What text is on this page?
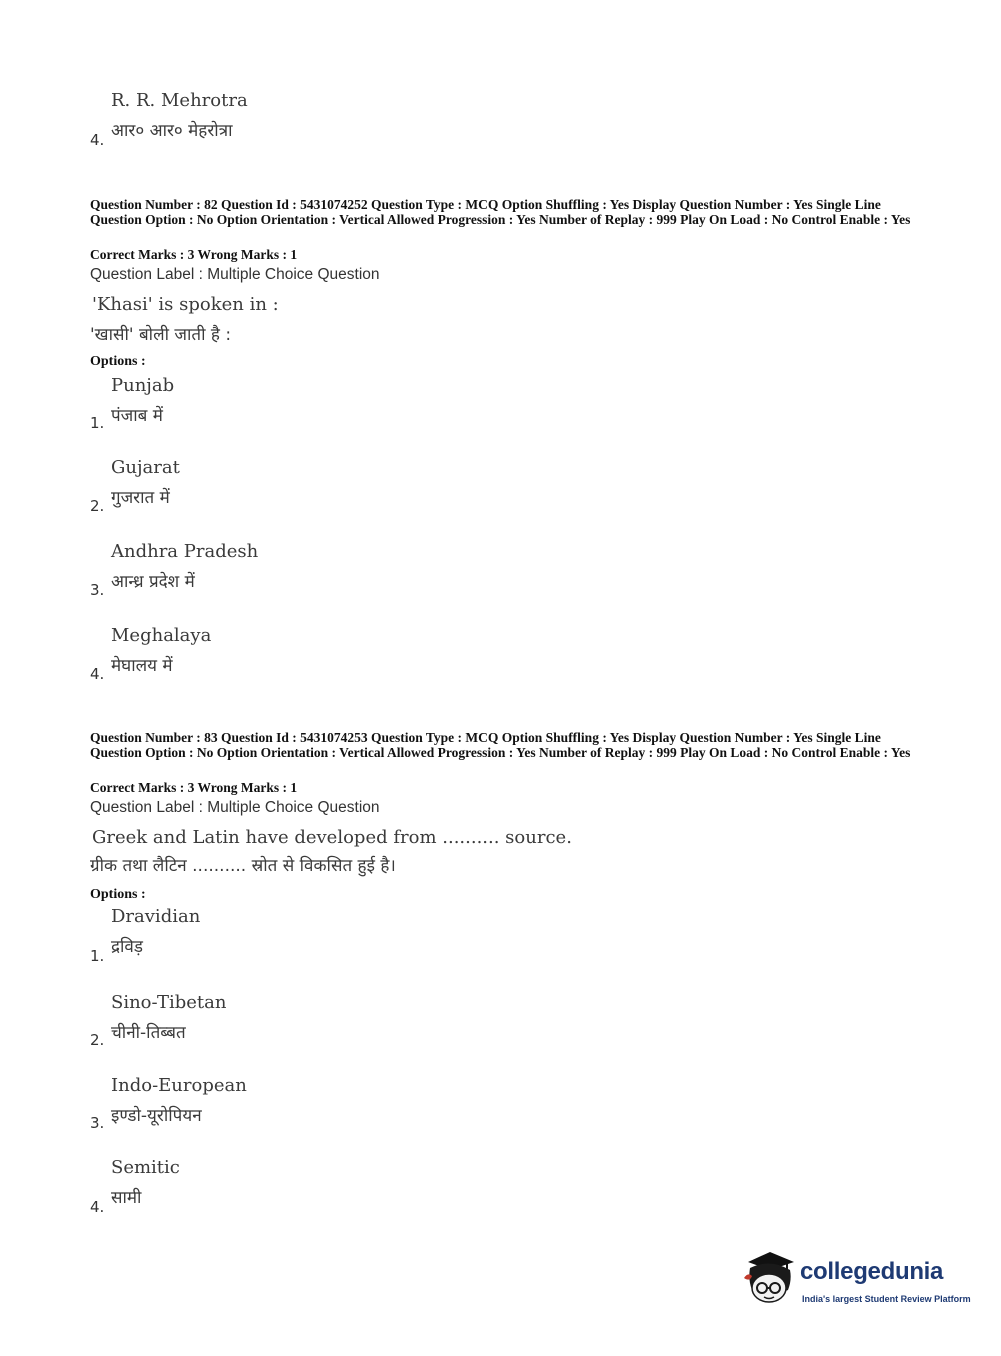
R. R. Mehrotra
आर० आर० मेहरोत्रा
4.
Question Number : 82 Question Id : 5431074252 Question Type : MCQ Option Shuffling : Yes Display Question Number : Yes Single Line Question Option : No Option Orientation : Vertical Allowed Progression : Yes Number of Replay : 999 Play On Load : No Control Enable : Yes
Correct Marks : 3 Wrong Marks : 1
Question Label : Multiple Choice Question
'Khasi' is spoken in :
'खासी' बोली जाती है :
Options :
Punjab
पंजाब में
1.
Gujarat
गुजरात में
2.
Andhra Pradesh
आन्ध्र प्रदेश में
3.
Meghalaya
मेघालय में
4.
Question Number : 83 Question Id : 5431074253 Question Type : MCQ Option Shuffling : Yes Display Question Number : Yes Single Line Question Option : No Option Orientation : Vertical Allowed Progression : Yes Number of Replay : 999 Play On Load : No Control Enable : Yes
Correct Marks : 3 Wrong Marks : 1
Question Label : Multiple Choice Question
Greek and Latin have developed from .......... source.
ग्रीक तथा लैटिन .......... स्रोत से विकसित हुई है।
Options :
Dravidian
द्रविड़
1.
Sino-Tibetan
चीनी-तिब्बत
2.
Indo-European
इण्डो-यूरोपियन
3.
Semitic
सामी
4.
collegedunia
India's largest Student Review Platform
